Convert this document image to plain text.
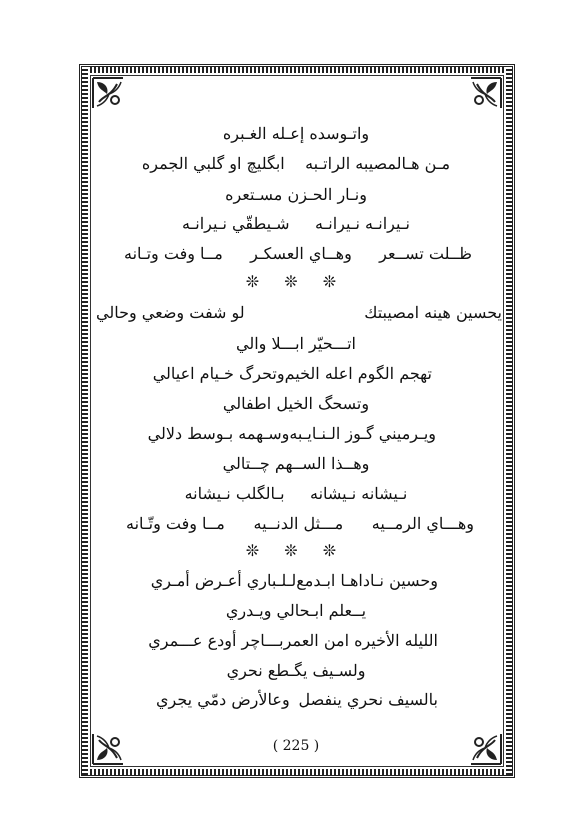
واتـوسده إعـله الغـبره
مـن هـالمصيبه الراتـبه    ابگليچ او گلبي الجمره
ونـار الحـزن مسـتعره
نـيرانـه نـيرانـه     شـيطقّي نـيرانـه
ظــلت تســعر
وهــاي العسكـر
مــا وفت وتـانه
❊ ❊ ❊
يحسين هينه امصيبتك
لو شفت وضعي وحالي
اتـــحيّر ابـــلا والي
تهجم الگوم اعله الخيم
وتحرگ خـيام اعيالي
وتسحگ الخيل اطفالي
ويـرميني گـوز الـنـايـبه
وسـهمه بـوسط دلالي
وهــذا الســهم چــتالي
نـيشانه نـيشانه     بـالگلب نـيشانه
وهـــاي الرمــيه
مـــثل الدنــيه
مــا وفت وتّـانه
❊ ❊ ❊
وحسين نـاداهـا ابـدمع
لـلـباري أعـرض أمـري
يــعلم ابـحالي ويـدري
الليله الأخيره امن العمر
بـــاچر أودع عـــمري
ولسـيف يگـطع نحري
بالسيف نحري ينفصل
وعالأرض دمّي يجري
( 225 )
